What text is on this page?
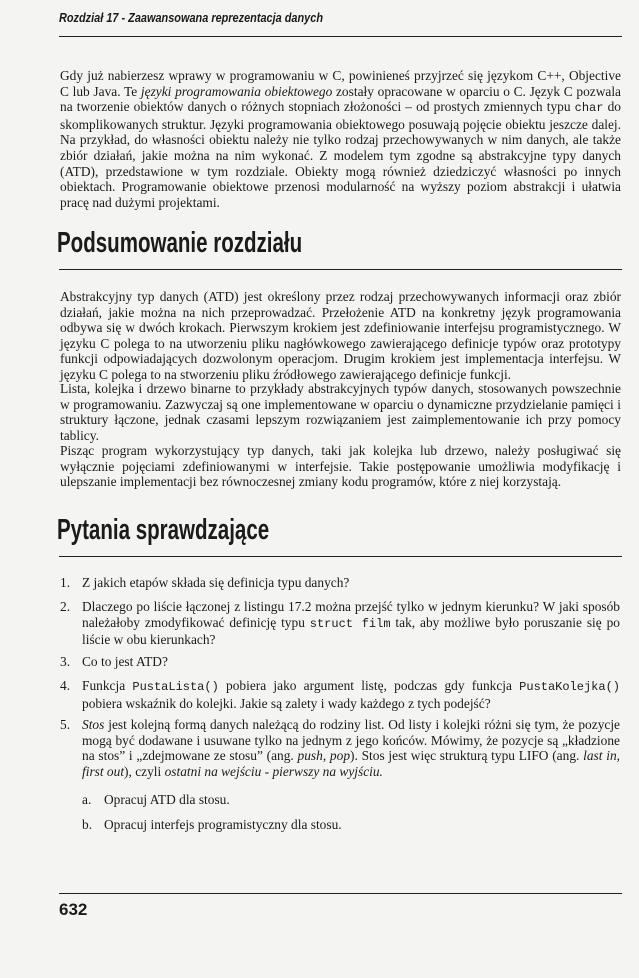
Rozdział 17 - Zaawansowana reprezentacja danych
Gdy już nabierzesz wprawy w programowaniu w C, powinieneś przyjrzeć się językom C++, Objective C lub Java. Te języki programowania obiektowego zostały opracowane w oparciu o C. Język C pozwala na tworzenie obiektów danych o różnych stopniach złożoności – od prostych zmiennych typu char do skomplikowanych struktur. Języki programowania obiektowego posuwają pojęcie obiektu jeszcze dalej. Na przykład, do własności obiektu należy nie tylko rodzaj przechowywanych w nim danych, ale także zbiór działań, jakie można na nim wykonać. Z modelem tym zgodne są abstrakcyjne typy danych (ATD), przedstawione w tym rozdziale. Obiekty mogą również dziedziczyć własności po innych obiektach. Programowanie obiektowe przenosi modularność na wyższy poziom abstrakcji i ułatwia pracę nad dużymi projektami.
Podsumowanie rozdziału
Abstrakcyjny typ danych (ATD) jest określony przez rodzaj przechowywanych informacji oraz zbiór działań, jakie można na nich przeprowadzać. Przełożenie ATD na konkretny język programowania odbywa się w dwóch krokach. Pierwszym krokiem jest zdefiniowanie interfejsu programistycznego. W języku C polega to na utworzeniu pliku nagłówkowego zawierającego definicje typów oraz prototypy funkcji odpowiadających dozwolonym operacjom. Drugim krokiem jest implementacja interfejsu. W języku C polega to na stworzeniu pliku źródłowego zawierającego definicje funkcji.
Lista, kolejka i drzewo binarne to przykłady abstrakcyjnych typów danych, stosowanych powszechnie w programowaniu. Zazwyczaj są one implementowane w oparciu o dynamiczne przydzielanie pamięci i struktury łączone, jednak czasami lepszym rozwiązaniem jest zaimplementowanie ich przy pomocy tablicy.
Pisząc program wykorzystujący typ danych, taki jak kolejka lub drzewo, należy posługiwać się wyłącznie pojęciami zdefiniowanymi w interfejsie. Takie postępowanie umożliwia modyfikację i ulepszanie implementacji bez równoczesnej zmiany kodu programów, które z niej korzystają.
Pytania sprawdzające
1. Z jakich etapów składa się definicja typu danych?
2. Dlaczego po liście łączonej z listingu 17.2 można przejść tylko w jednym kierunku? W jaki sposób należałoby zmodyfikować definicję typu struct film tak, aby możliwe było poruszanie się po liście w obu kierunkach?
3. Co to jest ATD?
4. Funkcja PustaLista() pobiera jako argument listę, podczas gdy funkcja PustaKolejka() pobiera wskaźnik do kolejki. Jakie są zalety i wady każdego z tych podejść?
5. Stos jest kolejną formą danych należącą do rodziny list. Od listy i kolejki różni się tym, że pozycje mogą być dodawane i usuwane tylko na jednym z jego końców. Mówimy, że pozycje są „kładzione na stos” i „zdejmowane ze stosu” (ang. push, pop). Stos jest więc strukturą typu LIFO (ang. last in, first out), czyli ostatni na wejściu - pierwszy na wyjściu.
a. Opracuj ATD dla stosu.
b. Opracuj interfejs programistyczny dla stosu.
632
